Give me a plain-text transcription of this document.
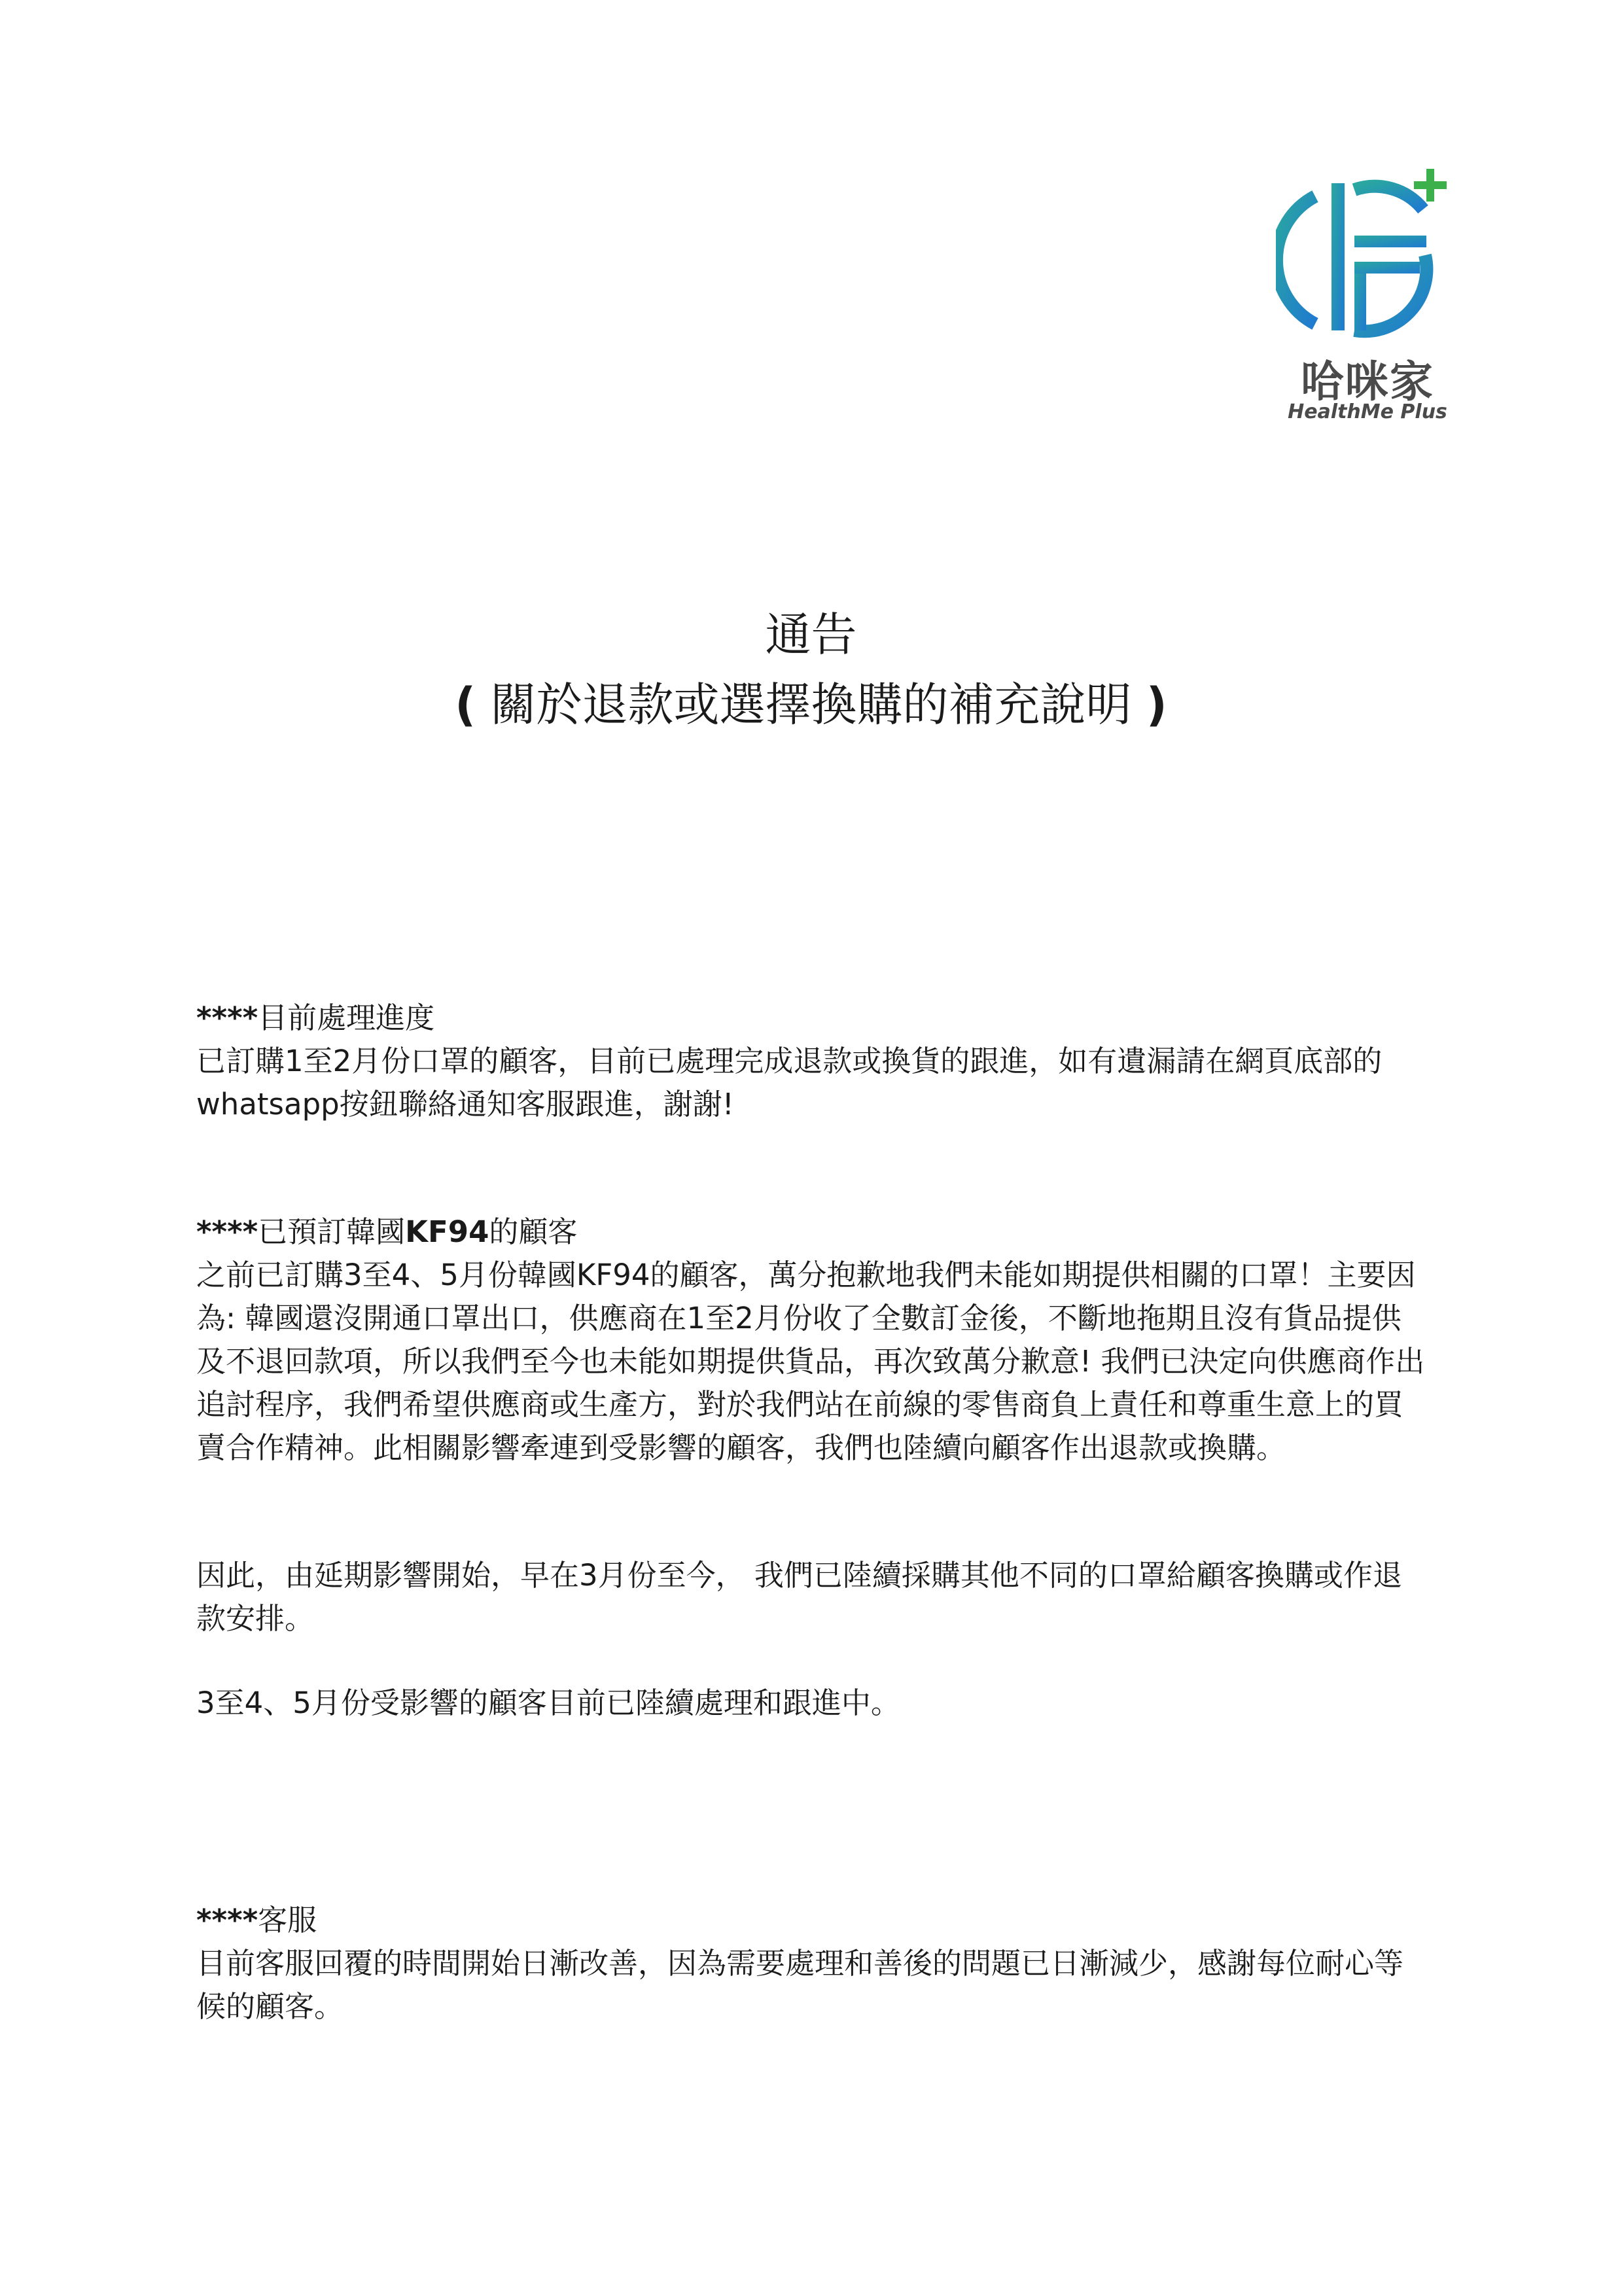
哈咪家
HealthMe Plus
通告
( 關於退款或選擇換購的補充說明 )

****目前處理進度

已訂購1至2月份口罩的顧客，目前已處理完成退款或換貨的跟進，如有遺漏請在網頁底部的whatsapp按鈕聯絡通知客服跟進，謝謝!

****已預訂韓國KF94的顧客

之前已訂購3至4、5月份韓國KF94的顧客，萬分抱歉地我們未能如期提供相關的口罩！主要因為: 韓國還沒開通口罩出口，供應商在1至2月份收了全數訂金後，不斷地拖期且沒有貨品提供及不退回款項，所以我們至今也未能如期提供貨品，再次致萬分歉意! 我們已決定向供應商作出追討程序，我們希望供應商或生產方，對於我們站在前線的零售商負上責任和尊重生意上的買賣合作精神。此相關影響牽連到受影響的顧客，我們也陸續向顧客作出退款或換購。

因此，由延期影響開始，早在3月份至今， 我們已陸續採購其他不同的口罩給顧客換購或作退款安排。

3至4、5月份受影響的顧客目前已陸續處理和跟進中。

****客服

目前客服回覆的時間開始日漸改善，因為需要處理和善後的問題已日漸減少，感謝每位耐心等候的顧客。
